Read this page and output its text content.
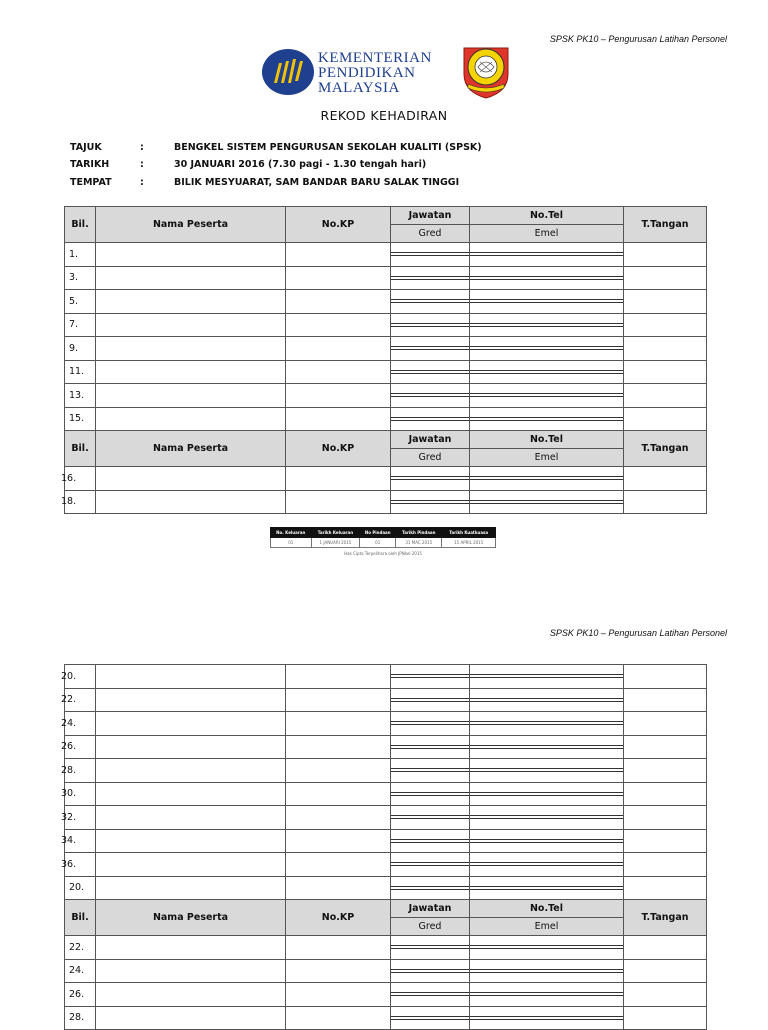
SPSK PK10 – Pengurusan Latihan Personel
KEMENTERIAN
PENDIDIKAN
MALAYSIA
REKOD KEHADIRAN
TAJUK	:	BENGKEL SISTEM PENGURUSAN SEKOLAH KUALITI (SPSK)
TARIKH	:	30 JANUARI 2016 (7.30 pagi - 1.30 tengah hari)
TEMPAT	:	BILIK MESYUARAT, SAM BANDAR BARU SALAK TINGGI
Bil.	Nama Peserta	No.KP	Jawatan	No.Tel	T.Tangan
			Gred	Emel	
1.			

3.			

5.			

7.			

9.			

11.			

13.			

15.			

Bil.	Nama Peserta	No.KP	Jawatan	No.Tel	T.Tangan
			Gred	Emel	
16.			

18.			

No. Keluaran	Tarikh Keluaran	No Pindaan	Tarikh Pindaan	Tarikh Kuatkuasa
01	1 JANUARI 2015	01	31 MAC 2015	15 APRIL 2015
Hak Cipta Terpelihara oleh JPNkel 2015
SPSK PK10 – Pengurusan Latihan Personel
20.			

22.			

24.			

26.			

28.			

30.			

32.			

34.			

36.			

20.			

Bil.	Nama Peserta	No.KP	Jawatan	No.Tel	T.Tangan
			Gred	Emel	
22.			

24.			

26.			

28.			
